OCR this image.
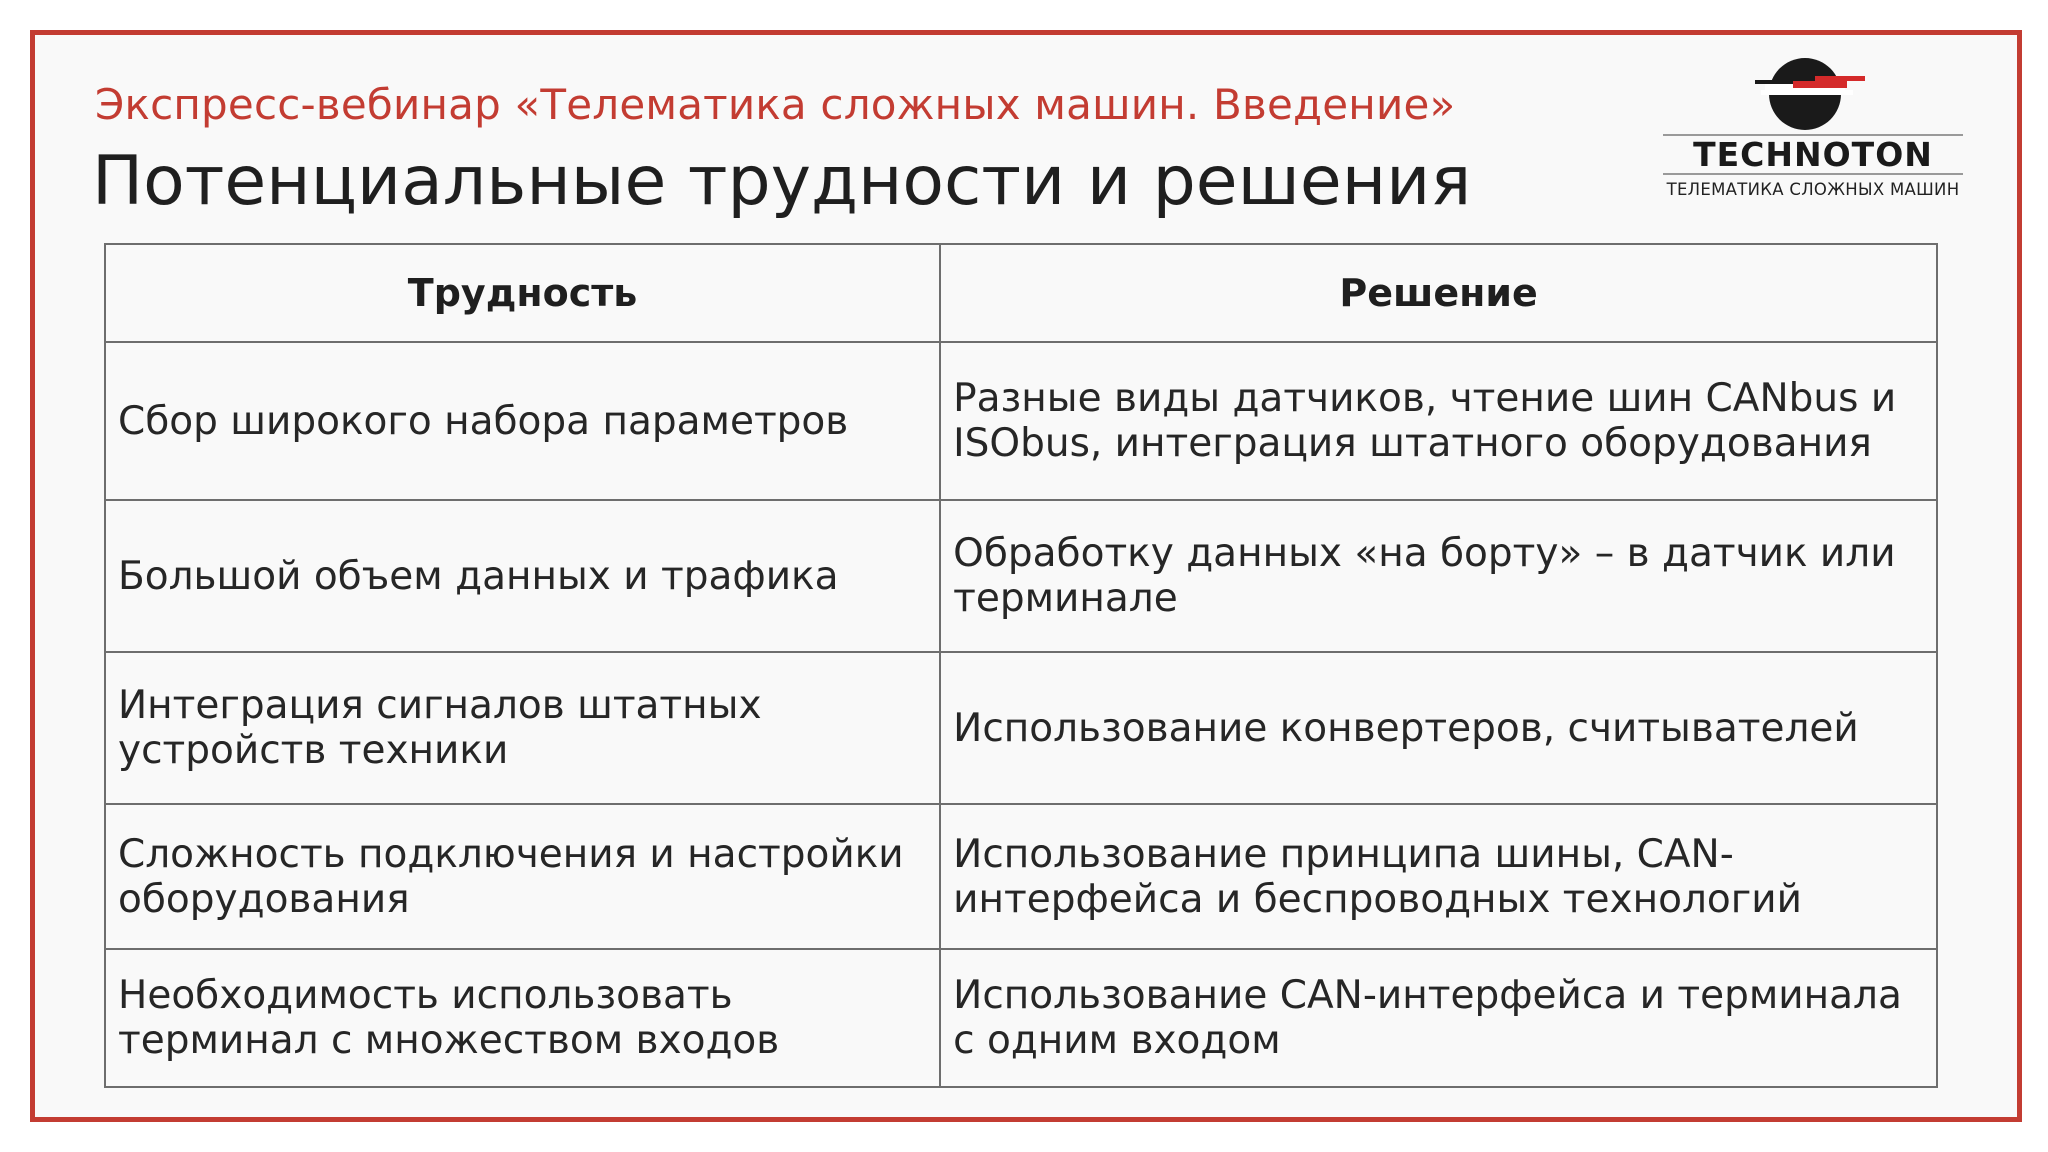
Экспресс-вебинар «Телематика сложных машин. Введение»
Потенциальные трудности и решения	TECHNOTON
ТЕЛЕМАТИКА СЛОЖНЫХ МАШИН
Трудность	Решение
Сбор широкого набора параметров	Разные виды датчиков, чтение шин CANbus и ISObus, интеграция штатного оборудования
Большой объем данных и трафика	Обработку данных «на борту» – в датчик или терминале
Интеграция сигналов штатных устройств техники	Использование конвертеров, считывателей
Сложность подключения и настройки оборудования	Использование принципа шины, CAN-интерфейса и беспроводных технологий
Необходимость использовать терминал с множеством входов	Использование CAN-интерфейса и терминала с одним входом
